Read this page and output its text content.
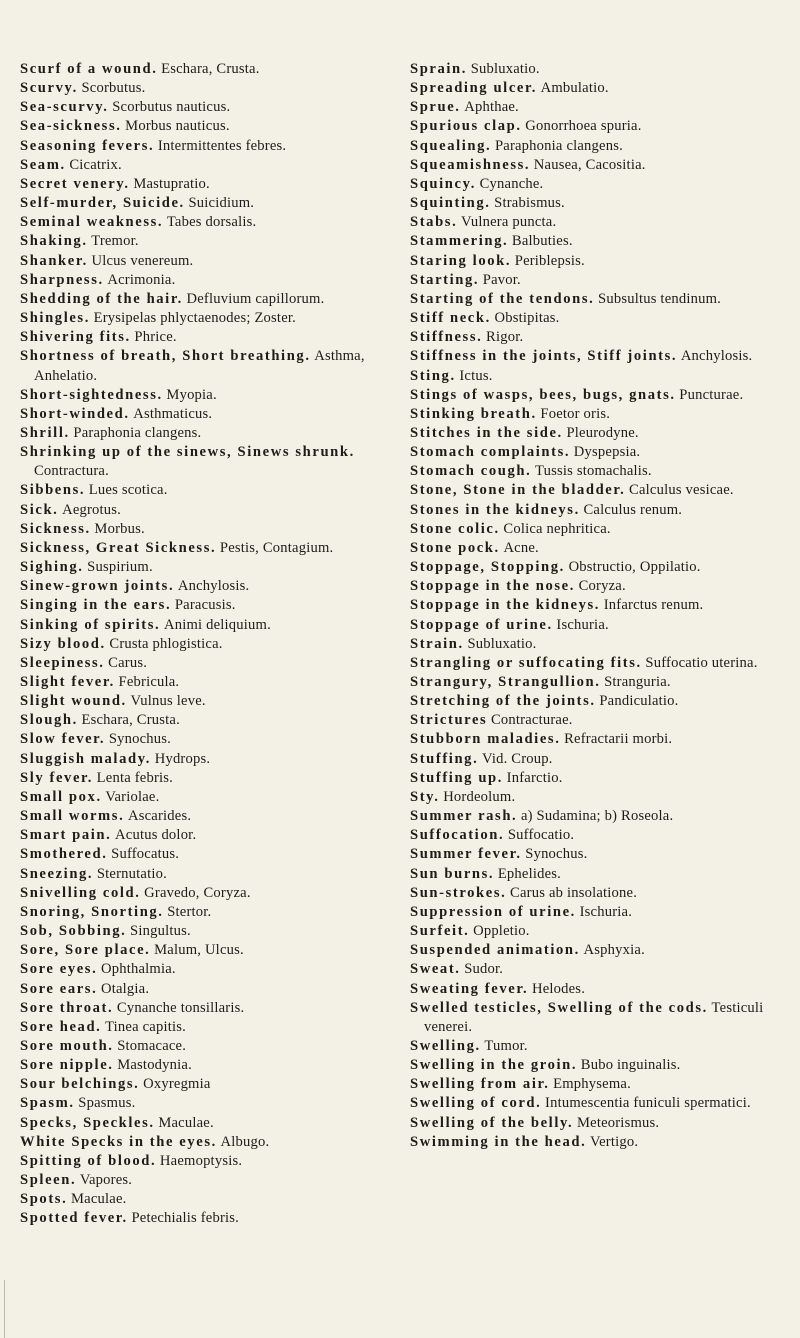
Scurf of a wound. Eschara, Crusta.

Scurvy. Scorbutus.

Sea-scurvy. Scorbutus nauticus.

Sea-sickness. Morbus nauticus.

Seasoning fevers. Intermittentes febres.

Seam. Cicatrix.

Secret venery. Mastupratio.

Self-murder, Suicide. Suicidium.

Seminal weakness. Tabes dorsalis.

Shaking. Tremor.

Shanker. Ulcus venereum.

Sharpness. Acrimonia.

Shedding of the hair. Defluvium capillorum.

Shingles. Erysipelas phlyctaenodes; Zoster.

Shivering fits. Phrice.

Shortness of breath, Short breathing. Asthma, Anhelatio.

Short-sightedness. Myopia.

Short-winded. Asthmaticus.

Shrill. Paraphonia clangens.

Shrinking up of the sinews, Sinews shrunk. Contractura.

Sibbens. Lues scotica.

Sick. Aegrotus.

Sickness. Morbus.

Sickness, Great Sickness. Pestis, Contagium.

Sighing. Suspirium.

Sinew-grown joints. Anchylosis.

Singing in the ears. Paracusis.

Sinking of spirits. Animi deliquium.

Sizy blood. Crusta phlogistica.

Sleepiness. Carus.

Slight fever. Febricula.

Slight wound. Vulnus leve.

Slough. Eschara, Crusta.

Slow fever. Synochus.

Sluggish malady. Hydrops.

Sly fever. Lenta febris.

Small pox. Variolae.

Small worms. Ascarides.

Smart pain. Acutus dolor.

Smothered. Suffocatus.

Sneezing. Sternutatio.

Snivelling cold. Gravedo, Coryza.

Snoring, Snorting. Stertor.

Sob, Sobbing. Singultus.

Sore, Sore place. Malum, Ulcus.

Sore eyes. Ophthalmia.

Sore ears. Otalgia.

Sore throat. Cynanche tonsillaris.

Sore head. Tinea capitis.

Sore mouth. Stomacace.

Sore nipple. Mastodynia.

Sour belchings. Oxyregmia

Spasm. Spasmus.

Specks, Speckles. Maculae.

White Specks in the eyes. Albugo.

Spitting of blood. Haemoptysis.

Spleen. Vapores.

Spots. Maculae.

Spotted fever. Petechialis febris.

Sprain. Subluxatio.

Spreading ulcer. Ambulatio.

Sprue. Aphthae.

Spurious clap. Gonorrhoea spuria.

Squealing. Paraphonia clangens.

Squeamishness. Nausea, Cacositia.

Squincy. Cynanche.

Squinting. Strabismus.

Stabs. Vulnera puncta.

Stammering. Balbuties.

Staring look. Periblepsis.

Starting. Pavor.

Starting of the tendons. Subsultus tendinum.

Stiff neck. Obstipitas.

Stiffness. Rigor.

Stiffness in the joints, Stiff joints. Anchylosis.

Sting. Ictus.

Stings of wasps, bees, bugs, gnats. Puncturae.

Stinking breath. Foetor oris.

Stitches in the side. Pleurodyne.

Stomach complaints. Dyspepsia.

Stomach cough. Tussis stomachalis.

Stone, Stone in the bladder. Calculus vesicae.

Stones in the kidneys. Calculus renum.

Stone colic. Colica nephritica.

Stone pock. Acne.

Stoppage, Stopping. Obstructio, Oppilatio.

Stoppage in the nose. Coryza.

Stoppage in the kidneys. Infarctus renum.

Stoppage of urine. Ischuria.

Strain. Subluxatio.

Strangling or suffocating fits. Suffocatio uterina.

Strangury, Strangullion. Stranguria.

Stretching of the joints. Pandiculatio.

Strictures Contracturae.

Stubborn maladies. Refractarii morbi.

Stuffing. Vid. Croup.

Stuffing up. Infarctio.

Sty. Hordeolum.

Summer rash. a) Sudamina; b) Roseola.

Suffocation. Suffocatio.

Summer fever. Synochus.

Sun burns. Ephelides.

Sun-strokes. Carus ab insolatione.

Suppression of urine. Ischuria.

Surfeit. Oppletio.

Suspended animation. Asphyxia.

Sweat. Sudor.

Sweating fever. Helodes.

Swelled testicles, Swelling of the cods. Testiculi venerei.

Swelling. Tumor.

Swelling in the groin. Bubo inguinalis.

Swelling from air. Emphysema.

Swelling of cord. Intumescentia funiculi spermatici.

Swelling of the belly. Meteorismus.

Swimming in the head. Vertigo.
